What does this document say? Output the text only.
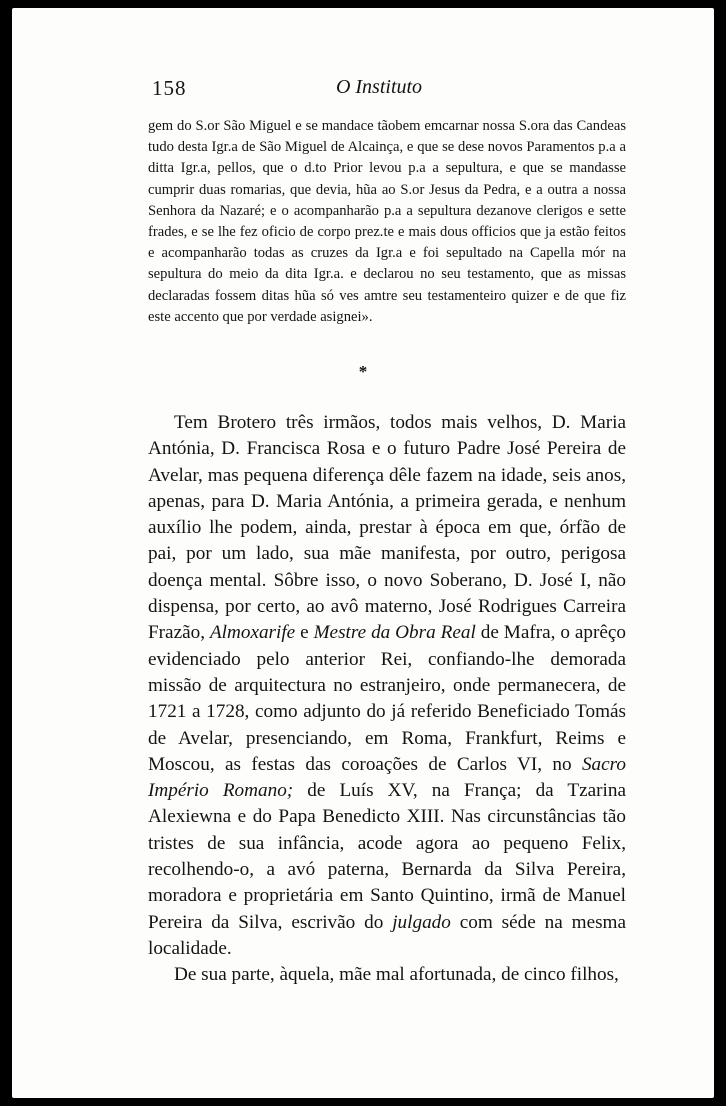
158	O Instituto

gem do S.or São Miguel e se mandace tãobem emcarnar nossa S.ora das Candeas tudo desta Igr.a de São Miguel de Alcainça, e que se dese novos Paramentos p.a a ditta Igr.a, pellos, que o d.to Prior levou p.a a sepultura, e que se mandasse cumprir duas romarias, que devia, hũa ao S.or Jesus da Pedra, e a outra a nossa Senhora da Nazaré; e o acompanharão p.a a sepultura dezanove clerigos e sette frades, e se lhe fez oficio de corpo prez.te e mais dous officios que ja estão feitos e acompanharão todas as cruzes da Igr.a e foi sepultado na Capella mór na sepultura do meio da dita Igr.a. e declarou no seu testamento, que as missas declaradas fossem ditas hũa só ves amtre seu testamenteiro quizer e de que fiz este accento que por verdade asignei».

*

Tem Brotero três irmãos, todos mais velhos, D. Maria Antónia, D. Francisca Rosa e o futuro Padre José Pereira de Avelar, mas pequena diferença dêle fazem na idade, seis anos, apenas, para D. Maria Antónia, a primeira gerada, e nenhum auxílio lhe podem, ainda, prestar à época em que, órfão de pai, por um lado, sua mãe manifesta, por outro, perigosa doença mental. Sôbre isso, o novo Soberano, D. José I, não dispensa, por certo, ao avô materno, José Rodrigues Carreira Frazão, Almoxarife e Mestre da Obra Real de Mafra, o aprêço evidenciado pelo anterior Rei, confiando-lhe demorada missão de arquitectura no estranjeiro, onde permanecera, de 1721 a 1728, como adjunto do já referido Beneficiado Tomás de Avelar, presenciando, em Roma, Frankfurt, Reims e Moscou, as festas das coroações de Carlos VI, no Sacro Império Romano; de Luís XV, na França; da Tzarina Alexiewna e do Papa Benedicto XIII. Nas circunstâncias tão tristes de sua infância, acode agora ao pequeno Felix, recolhendo-o, a avó paterna, Bernarda da Silva Pereira, moradora e proprietária em Santo Quintino, irmã de Manuel Pereira da Silva, escrivão do julgado com séde na mesma localidade.

De sua parte, àquela, mãe mal afortunada, de cinco filhos,
